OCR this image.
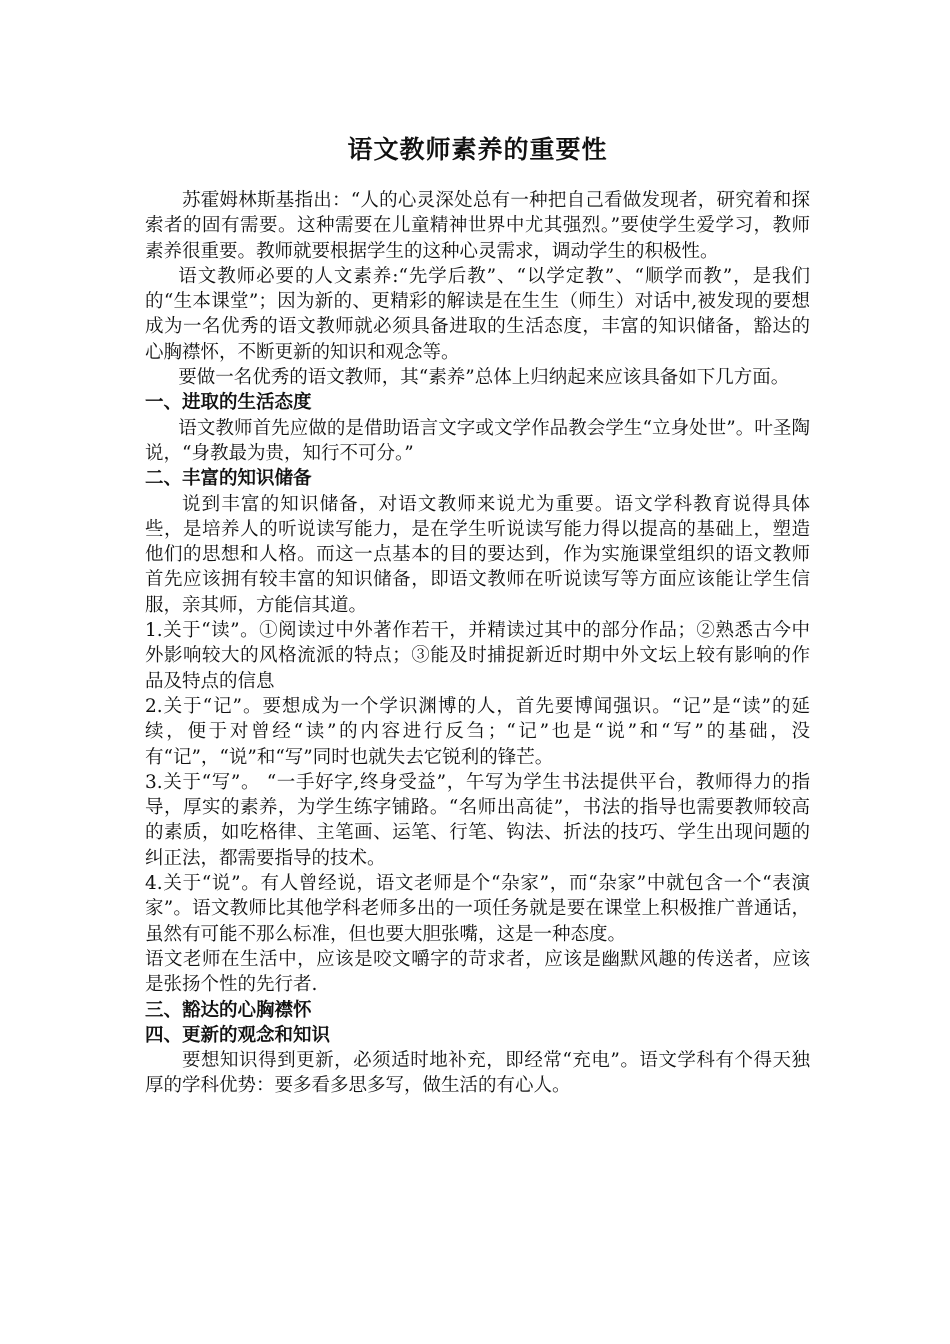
语文教师素养的重要性

苏霍姆林斯基指出：“人的心灵深处总有一种把自己看做发现者，研究着和探索者的固有需要。这种需要在儿童精神世界中尤其强烈。”要使学生爱学习，教师素养很重要。教师就要根据学生的这种心灵需求，调动学生的积极性。

语文教师必要的人文素养:“先学后教”、“以学定教”、“顺学而教”，是我们的“生本课堂”；因为新的、更精彩的解读是在生生（师生）对话中,被发现的要想成为一名优秀的语文教师就必须具备进取的生活态度，丰富的知识储备，豁达的心胸襟怀，不断更新的知识和观念等。

要做一名优秀的语文教师，其“素养”总体上归纳起来应该具备如下几方面。

一、进取的生活态度

语文教师首先应做的是借助语言文字或文学作品教会学生“立身处世”。叶圣陶说，“身教最为贵，知行不可分。”

二、丰富的知识储备

说到丰富的知识储备，对语文教师来说尤为重要。语文学科教育说得具体些，是培养人的听说读写能力，是在学生听说读写能力得以提高的基础上，塑造他们的思想和人格。而这一点基本的目的要达到，作为实施课堂组织的语文教师首先应该拥有较丰富的知识储备，即语文教师在听说读写等方面应该能让学生信服，亲其师，方能信其道。

1.关于“读”。①阅读过中外著作若干，并精读过其中的部分作品；②熟悉古今中外影响较大的风格流派的特点；③能及时捕捉新近时期中外文坛上较有影响的作品及特点的信息

2.关于“记”。要想成为一个学识渊博的人，首先要博闻强识。“记”是“读”的延续，便于对曾经“读”的内容进行反刍；“记”也是“说”和“写”的基础，没有“记”，“说”和“写”同时也就失去它锐利的锋芒。

3.关于“写”。 “一手好字,终身受益”，午写为学生书法提供平台，教师得力的指导，厚实的素养，为学生练字铺路。“名师出高徒”，书法的指导也需要教师较高的素质，如吃格律、主笔画、运笔、行笔、钩法、折法的技巧、学生出现问题的纠正法，都需要指导的技术。

4.关于“说”。有人曾经说，语文老师是个“杂家”，而“杂家”中就包含一个“表演家”。语文教师比其他学科老师多出的一项任务就是要在课堂上积极推广普通话，虽然有可能不那么标准，但也要大胆张嘴，这是一种态度。

语文老师在生活中，应该是咬文嚼字的苛求者，应该是幽默风趣的传送者，应该是张扬个性的先行者.

三、豁达的心胸襟怀
四、更新的观念和知识

要想知识得到更新，必须适时地补充，即经常“充电”。语文学科有个得天独厚的学科优势：要多看多思多写，做生活的有心人。
